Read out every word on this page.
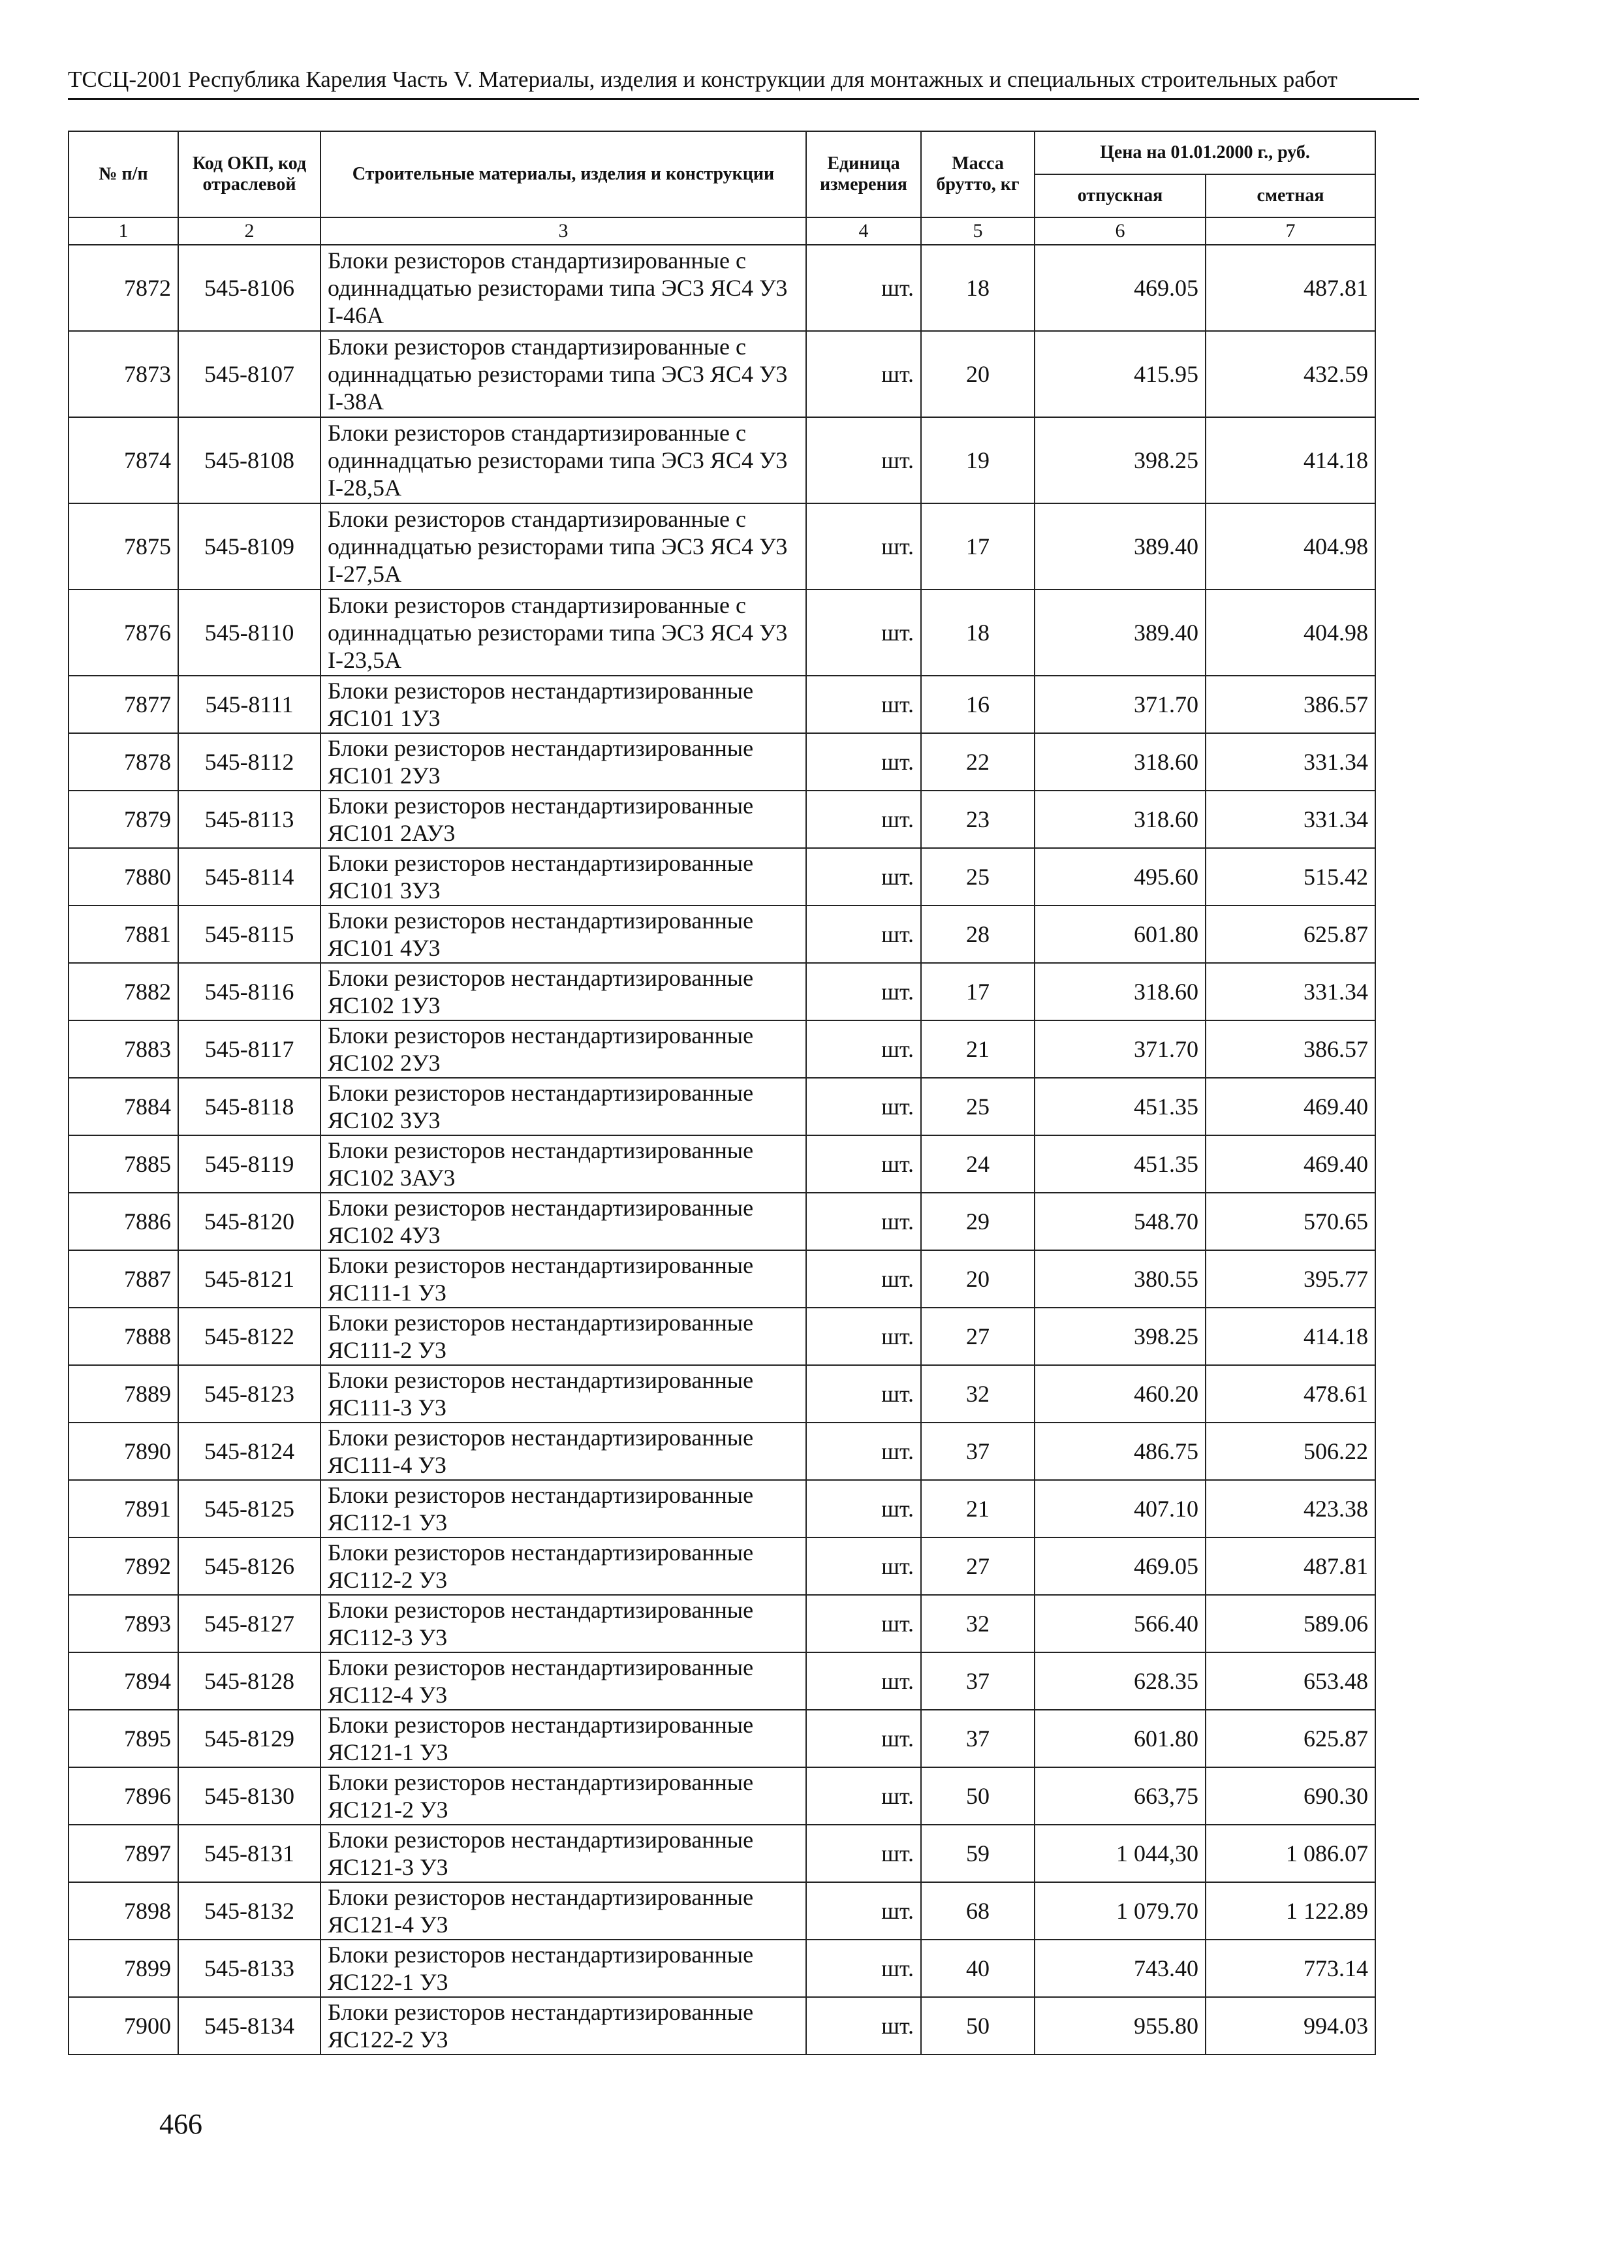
ТССЦ-2001 Республика Карелия Часть V. Материалы, изделия и конструкции для монтажных и специальных строительных работ
№ п/п	Код ОКП, код отраслевой	Строительные материалы, изделия и конструкции	Единица измерения	Масса брутто, кг	Цена на 01.01.2000 г., руб.	
					отпускная	сметная
1	2	3	4	5	6	7
7872	545-8106	Блоки резисторов стандартизированные с одиннадцатью резисторами типа ЭС3 ЯС4 У3 I-46А	шт.	18	469.05	487.81
7873	545-8107	Блоки резисторов стандартизированные с одиннадцатью резисторами типа ЭС3 ЯС4 У3 I-38А	шт.	20	415.95	432.59
7874	545-8108	Блоки резисторов стандартизированные с одиннадцатью резисторами типа ЭС3 ЯС4 У3 I-28,5А	шт.	19	398.25	414.18
7875	545-8109	Блоки резисторов стандартизированные с одиннадцатью резисторами типа ЭС3 ЯС4 У3 I-27,5А	шт.	17	389.40	404.98
7876	545-8110	Блоки резисторов стандартизированные с одиннадцатью резисторами типа ЭС3 ЯС4 У3 I-23,5А	шт.	18	389.40	404.98
7877	545-8111	Блоки резисторов нестандартизированные ЯС101 1У3	шт.	16	371.70	386.57
7878	545-8112	Блоки резисторов нестандартизированные ЯС101 2У3	шт.	22	318.60	331.34
7879	545-8113	Блоки резисторов нестандартизированные ЯС101 2АУ3	шт.	23	318.60	331.34
7880	545-8114	Блоки резисторов нестандартизированные ЯС101 3У3	шт.	25	495.60	515.42
7881	545-8115	Блоки резисторов нестандартизированные ЯС101 4У3	шт.	28	601.80	625.87
7882	545-8116	Блоки резисторов нестандартизированные ЯС102 1У3	шт.	17	318.60	331.34
7883	545-8117	Блоки резисторов нестандартизированные ЯС102 2У3	шт.	21	371.70	386.57
7884	545-8118	Блоки резисторов нестандартизированные ЯС102 3У3	шт.	25	451.35	469.40
7885	545-8119	Блоки резисторов нестандартизированные ЯС102 3АУ3	шт.	24	451.35	469.40
7886	545-8120	Блоки резисторов нестандартизированные ЯС102 4У3	шт.	29	548.70	570.65
7887	545-8121	Блоки резисторов нестандартизированные ЯС111-1 У3	шт.	20	380.55	395.77
7888	545-8122	Блоки резисторов нестандартизированные ЯС111-2 У3	шт.	27	398.25	414.18
7889	545-8123	Блоки резисторов нестандартизированные ЯС111-3 У3	шт.	32	460.20	478.61
7890	545-8124	Блоки резисторов нестандартизированные ЯС111-4 У3	шт.	37	486.75	506.22
7891	545-8125	Блоки резисторов нестандартизированные ЯС112-1 У3	шт.	21	407.10	423.38
7892	545-8126	Блоки резисторов нестандартизированные ЯС112-2 У3	шт.	27	469.05	487.81
7893	545-8127	Блоки резисторов нестандартизированные ЯС112-3 У3	шт.	32	566.40	589.06
7894	545-8128	Блоки резисторов нестандартизированные ЯС112-4 У3	шт.	37	628.35	653.48
7895	545-8129	Блоки резисторов нестандартизированные ЯС121-1 У3	шт.	37	601.80	625.87
7896	545-8130	Блоки резисторов нестандартизированные ЯС121-2 У3	шт.	50	663,75	690.30
7897	545-8131	Блоки резисторов нестандартизированные ЯС121-3 У3	шт.	59	1 044,30	1 086.07
7898	545-8132	Блоки резисторов нестандартизированные ЯС121-4 У3	шт.	68	1 079.70	1 122.89
7899	545-8133	Блоки резисторов нестандартизированные ЯС122-1 У3	шт.	40	743.40	773.14
7900	545-8134	Блоки резисторов нестандартизированные ЯС122-2 У3	шт.	50	955.80	994.03
466
